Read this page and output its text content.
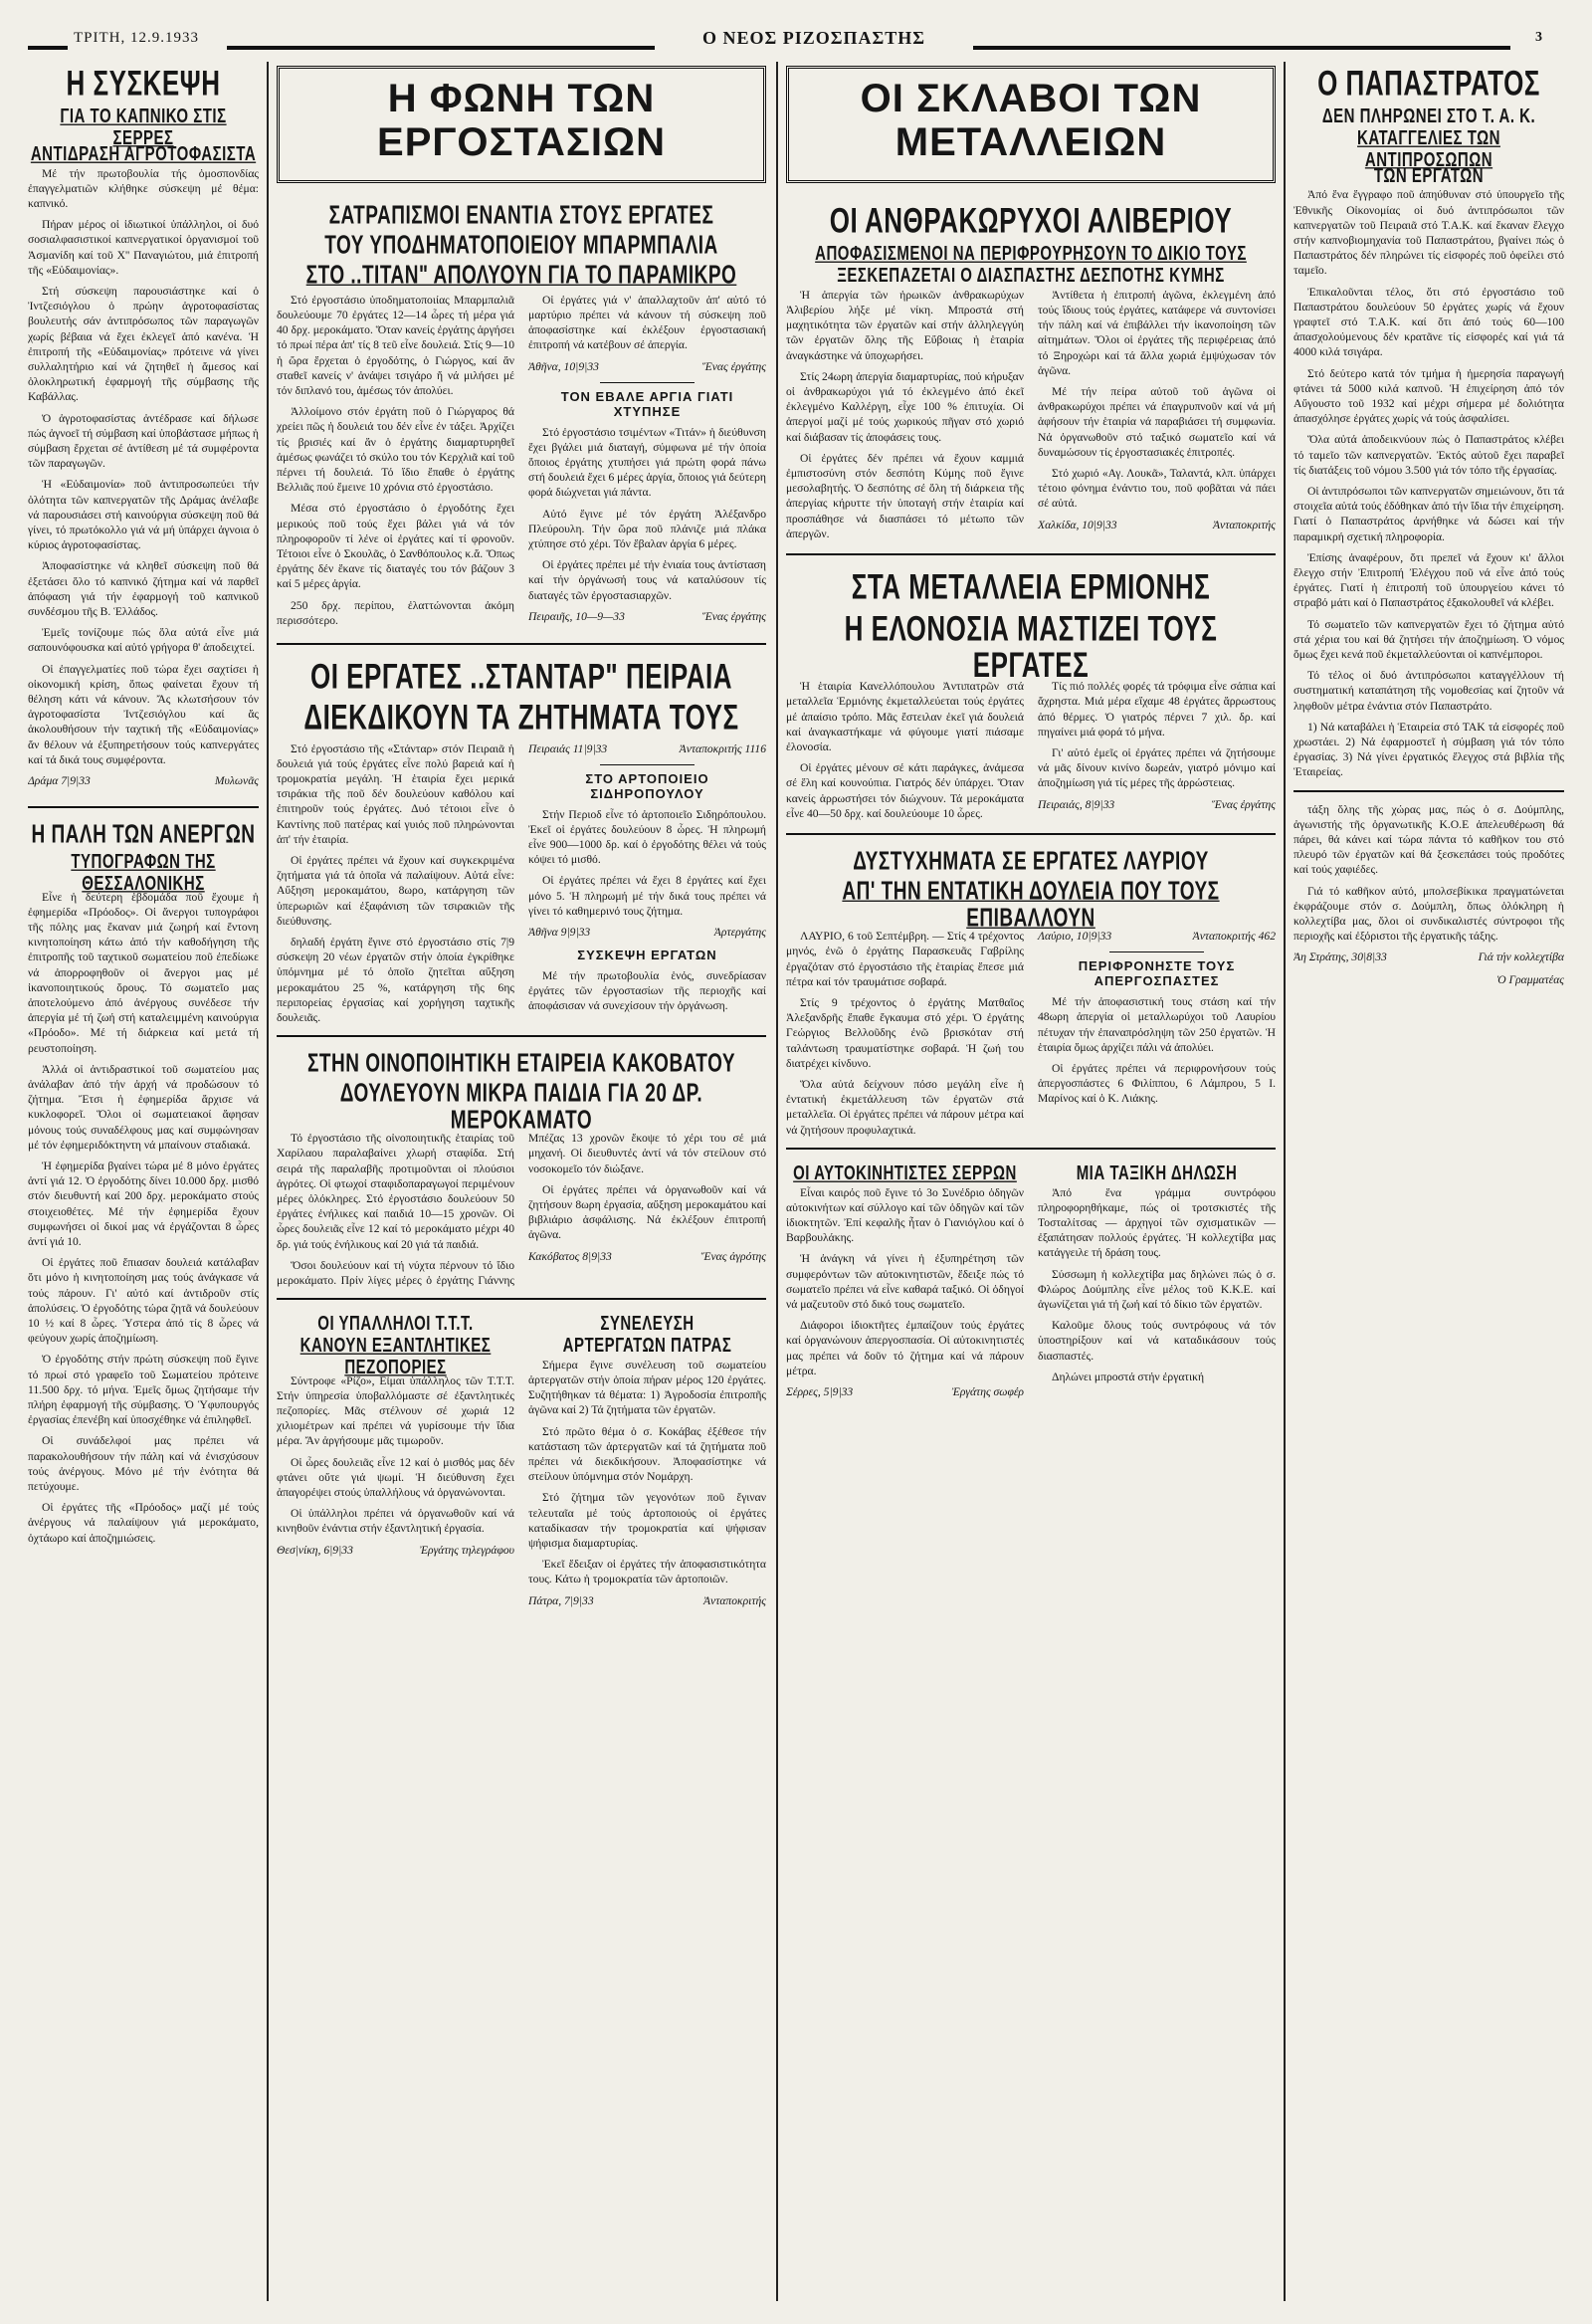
ΤΡΙΤΗ, 12.9.1933	Ο ΝΕΟΣ ΡΙΖΟΣΠΑΣΤΗΣ	3
Η ΣΥΣΚΕΨΗ
ΓΙΑ ΤΟ ΚΑΠΝΙΚΟ ΣΤΙΣ ΣΕΡΡΕΣ
ΑΝΤΙΔΡΑΣΗ ΑΓΡΟΤΟΦΑΣΙΣΤΑ

Μέ τήν πρωτοβουλία τής ὁμοσπονδίας ἐπαγγελματιῶν κλήθηκε σύσκεψη μέ θέμα: καπνικό.

Πήραν μέρος οἱ ἰδιωτικοί ὑπάλληλοι, οἱ δυό σοσιαλφασιστικοί καπνεργατικοί ὀργανισμοί τοῦ Ἀσμανίδη καί τοῦ Χ'' Παναγιώτου, μιά ἐπιτροπή τῆς «Εὐδαιμονίας».

Στή σύσκεψη παρουσιάστηκε καί ὁ Ἰντζεσιόγλου ὁ πρώην ἀγροτοφασίστας βουλευτής σάν ἀντιπρόσωπος τῶν παραγωγῶν χωρίς βέβαια νά ἔχει ἐκλεγεῖ ἀπό κανένα. Ἡ ἐπιτροπή τῆς «Εὐδαιμονίας» πρότεινε νά γίνει συλλαλητήριο καί νά ζητηθεῖ ἡ ἄμεσος καί ὁλοκληρωτική ἐφαρμογή τῆς σύμβασης τῆς Καβάλλας.

Ὁ ἀγροτοφασίστας ἀντέδρασε καί δήλωσε πώς ἀγνοεῖ τή σύμβαση καί ὑποβάστασε μήπως ἡ σύμβαση ἔρχεται σέ ἀντίθεση μέ τά συμφέροντα τῶν παραγωγῶν.

Ἡ «Εὐδαιμονία» ποῦ ἀντιπροσωπεύει τήν ὁλότητα τῶν καπνεργατῶν τῆς Δράμας ἀνέλαβε νά παρουσιάσει στή καινούργια σύσκεψη ποῦ θά γίνει, τό πρωτόκολλο γιά νά μή ὑπάρχει ἀγνοια ὁ κύριος ἀγροτοφασίστας.

Ἀποφασίστηκε νά κληθεῖ σύσκεψη ποῦ θά ἐξετάσει ὅλο τό καπνικό ζήτημα καί νά παρθεῖ ἀπόφαση γιά τήν ἐφαρμογή τοῦ καπνικοῦ συνδέσμου τῆς Β. Ἑλλάδος.

Ἐμεῖς τονίζουμε πώς ὅλα αὐτά εἶνε μιά σαπουνόφουσκα καί αὐτό γρήγορα θ' ἀποδειχτεί.

Οἱ ἐπαγγελματίες ποῦ τώρα ἔχει σαχτίσει ἡ οἰκονομική κρίση, ὅπως φαίνεται ἔχουν τή θέληση κάτι νά κάνουν. Ἄς κλωτσήσουν τόν ἀγροτοφασίστα Ἰντζεσιόγλου καί ἄς ἀκολουθήσουν τήν ταχτική τῆς «Εὐδαιμονίας» ἄν θέλουν νά ἐξυπηρετήσουν τούς καπνεργάτες καί τά δικά τους συμφέροντα.

Δράμα 7|9|33	Μυλωνᾶς
Η ΠΑΛΗ ΤΩΝ ΑΝΕΡΓΩΝ
ΤΥΠΟΓΡΑΦΩΝ ΤΗΣ ΘΕΣΣΑΛΟΝΙΚΗΣ

Εἶνε ἡ δεύτερη ἑβδομάδα ποῦ ἔχουμε ἡ ἐφημερίδα «Πρόοδος». Οἱ ἄνεργοι τυπογράφοι τῆς πόλης μας ἔκαναν μιά ζωηρή καί ἔντονη κινητοποίηση κάτω ἀπό τήν καθοδήγηση τῆς ἐπιτροπῆς τοῦ ταχτικοῦ σωματείου ποῦ ἐπεδίωκε νά ἀπορροφηθοῦν οἱ ἄνεργοι μας μέ ἱκανοποιητικούς ὅρους. Τό σωματεῖο μας ἀποτελούμενο ἀπό ἀνέργους συνέδεσε τήν ἀπεργία μέ τή ζωή στή καταλειμμένη καινούργια «Πρόοδο». Μέ τή διάρκεια καί μετά τή ρευστοποίηση.

Ἀλλά οἱ ἀντιδραστικοί τοῦ σωματείου μας ἀνάλαβαν ἀπό τήν ἀρχή νά προδώσουν τό ζήτημα. Ἔτσι ἡ ἐφημερίδα ἄρχισε νά κυκλοφορεῖ. Ὅλοι οἱ σωματειακοί ἄφησαν μόνους τούς συναδέλφους μας καί συμφώνησαν μέ τόν ἐφημεριδόκτηντη νά μπαίνουν σταδιακά.

Ἡ ἐφημερίδα βγαίνει τώρα μέ 8 μόνο ἐργάτες ἀντί γιά 12. Ὁ ἐργοδότης δίνει 10.000 δρχ. μισθό στόν διευθυντή καί 200 δρχ. μεροκάματο στούς στοιχειοθέτες. Μέ τήν ἐφημερίδα ἔχουν συμφωνήσει οἱ δικοί μας νά ἐργάζονται 8 ὧρες ἀντί γιά 10.

Οἱ ἐργάτες ποῦ ἔπιασαν δουλειά κατάλαβαν ὅτι μόνο ἡ κινητοποίηση μας τούς ἀνάγκασε νά τούς πάρουν. Γι' αὐτό καί ἀντιδροῦν στίς ἀπολύσεις. Ὁ ἐργοδότης τώρα ζητᾶ νά δουλεύουν 10 ½ καί 8 ὧρες. Ὑστερα ἀπό τίς 8 ὧρες νά φεύγουν χωρίς ἀποζημίωση.

Ὁ ἐργοδότης στήν πρώτη σύσκεψη ποῦ ἔγινε τό πρωί στό γραφεῖο τοῦ Σωματείου πρότεινε 11.500 δρχ. τό μήνα. Ἐμεῖς ὅμως ζητήσαμε τήν πλήρη ἐφαρμογή τῆς σύμβασης. Ὁ Ὑφυπουργός ἐργασίας ἐπενέβη καί ὑποσχέθηκε νά ἐπιληφθεῖ.

Οἱ συνάδελφοί μας πρέπει νά παρακολουθήσουν τήν πάλη καί νά ἐνισχύσουν τούς ἀνέργους. Μόνο μέ τήν ἑνότητα θά πετύχουμε.

Οἱ ἐργάτες τῆς «Πρόοδος» μαζί μέ τούς ἀνέργους νά παλαίψουν γιά μεροκάματο, ὀχτάωρο καί ἀποζημιώσεις.

Η ΦΩΝΗ ΤΩΝ ΕΡΓΟΣΤΑΣΙΩΝ
ΣΑΤΡΑΠΙΣΜΟΙ ΕΝΑΝΤΙΑ ΣΤΟΥΣ ΕΡΓΑΤΕΣ
ΤΟΥ ΥΠΟΔΗΜΑΤΟΠΟΙΕΙΟΥ ΜΠΑΡΜΠΑΛΙΑ
ΣΤΟ ..ΤΙΤΑΝ" ΑΠΟΛΥΟΥΝ ΓΙΑ ΤΟ ΠΑΡΑΜΙΚΡΟ

Στό ἐργοστάσιο ὑποδηματοποιίας Μπαρμπαλιᾶ δουλεύουμε 70 ἐργάτες 12—14 ὧρες τή μέρα γιά 40 δρχ. μεροκάματο. Ὅταν κανείς ἐργάτης ἀργήσει τό πρωί πέρα ἀπ' τίς 8 τεῦ εἶνε δουλειά. Στίς 9—10 ἡ ὥρα ἔρχεται ὁ ἐργοδότης, ὁ Γιώργος, καί ἄν σταθεῖ κανείς ν' ἀνάψει τσιγάρο ἤ νά μιλήσει μέ τόν διπλανό του, ἀμέσως τόν ἀπολύει.

Ἀλλοίμονο στόν ἐργάτη ποῦ ὁ Γιώργαρος θά χρείει πῶς ἡ δουλειά του δέν εἶνε ἐν τάξει. Ἀρχίζει τίς βρισιές καί ἄν ὁ ἐργάτης διαμαρτυρηθεῖ ἀμέσως φωνάζει τό σκύλο του τόν Κερχλιᾶ καί τοῦ πέρνει τή δουλειά. Τό ἴδιο ἔπαθε ὁ ἐργάτης Βελλιᾶς πού ἔμεινε 10 χρόνια στό ἐργοστάσιο.

Μέσα στό ἐργοστάσιο ὁ ἐργοδότης ἔχει μερικούς ποῦ τούς ἔχει βάλει γιά νά τόν πληροφοροῦν τί λένε οἱ ἐργάτες καί τί φρονοῦν. Τέτοιοι εἶνε ὁ Σκουλᾶς, ὁ Σανθόπουλος κ.ἄ. Ὅπως ἐργάτης δέν ἔκανε τίς διαταγές του τόν βάζουν 3 καί 5 μέρες ἀργία.

250 δρχ. περίπου, ἐλαττώνονται ἀκόμη περισσότερο.

Οἱ ἐργάτες γιά ν' ἀπαλλαχτοῦν ἀπ' αὐτό τό μαρτύριο πρέπει νά κάνουν τή σύσκεψη ποῦ ἀποφασίστηκε καί ἐκλέξουν ἐργοστασιακή ἐπιτροπή νά κατέβουν σέ ἀπεργία.

Ἀθῆνα, 10|9|33	Ἕνας ἐργάτης
ΤΟΝ ΕΒΑΛΕ ΑΡΓΙΑ ΓΙΑΤΙ ΧΤΥΠΗΣΕ

Στό ἐργοστάσιο τσιμέντων «Τιτάν» ἡ διεύθυνση ἔχει βγάλει μιά διαταγή, σύμφωνα μέ τήν ὁποία ὅποιος ἐργάτης χτυπήσει γιά πρώτη φορά πάνω στή δουλειά ἔχει 6 μέρες ἀργία, ὅποιος γιά δεύτερη φορά διώχνεται γιά πάντα.

Αὐτό ἔγινε μέ τόν ἐργάτη Ἀλέξανδρο Πλεύρουλη. Τήν ὥρα ποῦ πλάνιζε μιά πλάκα χτύπησε στό χέρι. Τόν ἔβαλαν ἀργία 6 μέρες.

Οἱ ἐργάτες πρέπει μέ τήν ἑνιαία τους ἀντίσταση καί τήν ὀργάνωσή τους νά καταλύσουν τίς διαταγές τῶν ἐργοστασιαρχῶν.

Πειραιῆς, 10—9—33	Ἕνας ἐργάτης
ΟΙ ΕΡΓΑΤΕΣ ..ΣΤΑΝΤΑΡ" ΠΕΙΡΑΙΑ
ΔΙΕΚΔΙΚΟΥΝ ΤΑ ΖΗΤΗΜΑΤΑ ΤΟΥΣ

Στό ἐργοστάσιο τῆς «Στάνταρ» στόν Πειραιᾶ ἡ δουλειά γιά τούς ἐργάτες εἶνε πολύ βαρειά καί ἡ τρομοκρατία μεγάλη. Ἡ ἑταιρία ἔχει μερικά τσιράκια τῆς ποῦ δέν δουλεύουν καθόλου καί ἐπιτηροῦν τούς ἐργάτες. Δυό τέτοιοι εἶνε ὁ Καντίνης ποῦ πατέρας καί γυιός ποῦ πληρώνονται ἀπ' τήν ἑταιρία.

Οἱ ἐργάτες πρέπει νά ἔχουν καί συγκεκριμένα ζητήματα γιά τά ὁποῖα νά παλαίψουν. Αὐτά εἶνε: Αὔξηση μεροκαμάτου, 8ωρο, κατάργηση τῶν ὑπερωριῶν καί ἐξαφάνιση τῶν τσιρακιῶν τῆς διεύθυνσης.

δηλαδή ἐργάτη ἔγινε στό ἐργοστάσιο στίς 7|9 σύσκεψη 20 νέων ἐργατῶν στήν ὁποία ἐγκρίθηκε ὑπόμνημα μέ τό ὁποῖο ζητεῖται αὔξηση μεροκαμάτου 25 %, κατάργηση τῆς 6ης περιπορείας ἐργασίας καί χορήγηση ταχτικῆς δουλειᾶς.

Πειραιάς 11|9|33	Ἀνταποκριτής 1116
ΣΤΟ ΑΡΤΟΠΟΙΕΙΟ ΣΙΔΗΡΟΠΟΥΛΟΥ

Στήν Περιοδ εἶνε τό ἀρτοποιεῖο Σιδηρόπουλου. Ἐκεῖ οἱ ἐργάτες δουλεύουν 8 ὧρες. Ἡ πληρωμή εἶνε 900—1000 δρ. καί ὁ ἐργοδότης θέλει νά τούς κόψει τό μισθό.

Οἱ ἐργάτες πρέπει νά ἔχει 8 ἐργάτες καί ἔχει μόνο 5. Ἡ πληρωμή μέ τήν δικά τους πρέπει νά γίνει τό καθημερινό τους ζήτημα.

Ἀθῆνα 9|9|33	Ἀρτεργάτης
ΣΥΣΚΕΨΗ ΕΡΓΑΤΩΝ

Μέ τήν πρωτοβουλία ἑνός, συνεδρίασαν ἐργάτες τῶν ἐργοστασίων τῆς περιοχῆς καί ἀποφάσισαν νά συνεχίσουν τήν ὀργάνωση.

ΣΤΗΝ ΟΙΝΟΠΟΙΗΤΙΚΗ ΕΤΑΙΡΕΙΑ ΚΑΚΟΒΑΤΟΥ
ΔΟΥΛΕΥΟΥΝ ΜΙΚΡΑ ΠΑΙΔΙΑ ΓΙΑ 20 ΔΡ. ΜΕΡΟΚΑΜΑΤΟ

Τό ἐργοστάσιο τῆς οἰνοποιητικῆς ἑταιρίας τοῦ Χαρίλαου παραλαβαίνει χλωρή σταφίδα. Στή σειρά τῆς παραλαβῆς προτιμοῦνται οἱ πλούσιοι ἀγρότες. Οἱ φτωχοί σταφιδοπαραγωγοί περιμένουν μέρες ὁλόκληρες. Στό ἐργοστάσιο δουλεύουν 50 ἐργάτες ἐνήλικες καί παιδιά 10—15 χρονῶν. Οἱ ὧρες δουλειᾶς εἶνε 12 καί τό μεροκάματο μέχρι 40 δρ. γιά τούς ἐνήλικους καί 20 γιά τά παιδιά.

Ὅσοι δουλεύουν καί τή νύχτα πέρνουν τό ἴδιο μεροκάματο. Πρίν λίγες μέρες ὁ ἐργάτης Γιάννης Μπέζας 13 χρονῶν ἔκοψε τό χέρι του σέ μιά μηχανή. Οἱ διευθυντές ἀντί νά τόν στείλουν στό νοσοκομεῖο τόν διώξανε.

Οἱ ἐργάτες πρέπει νά ὀργανωθοῦν καί νά ζητήσουν 8ωρη ἐργασία, αὔξηση μεροκαμάτου καί βιβλιάριο ἀσφάλισης. Νά ἐκλέξουν ἐπιτροπή ἀγῶνα.

Κακόβατος 8|9|33	Ἕνας ἀγρότης
ΟΙ ΥΠΑΛΛΗΛΟΙ Τ.Τ.Τ.
ΚΑΝΟΥΝ ΕΞΑΝΤΛΗΤΙΚΕΣ ΠΕΖΟΠΟΡΙΕΣ

Σύντροφε «Ρίζο», Εἶμαι ὑπάλληλος τῶν Τ.Τ.Τ. Στήν ὑπηρεσία ὑποβαλλόμαστε σέ ἐξαντλητικές πεζοπορίες. Μᾶς στέλνουν σέ χωριά 12 χιλιομέτρων καί πρέπει νά γυρίσουμε τήν ἴδια μέρα. Ἄν ἀργήσουμε μᾶς τιμωροῦν.

Οἱ ὧρες δουλειᾶς εἶνε 12 καί ὁ μισθός μας δέν φτάνει οὔτε γιά ψωμί. Ἡ διεύθυνση ἔχει ἀπαγορέψει στούς ὑπαλλήλους νά ὀργανώνονται.

Οἱ ὑπάλληλοι πρέπει νά ὀργανωθοῦν καί νά κινηθοῦν ἐνάντια στήν ἐξαντλητική ἐργασία.

Θεσ|νίκη, 6|9|33	Ἐργάτης τηλεγράφου
ΣΥΝΕΛΕΥΣΗ
ΑΡΤΕΡΓΑΤΩΝ ΠΑΤΡΑΣ

Σήμερα ἔγινε συνέλευση τοῦ σωματείου ἀρτεργατῶν στήν ὁποία πήραν μέρος 120 ἐργάτες. Συζητήθηκαν τά θέματα: 1) Ἀγροδοσία ἐπιτροπῆς ἀγῶνα καί 2) Τά ζητήματα τῶν ἐργατῶν.

Στό πρῶτο θέμα ὁ σ. Κοκάβας ἐξέθεσε τήν κατάσταση τῶν ἀρτεργατῶν καί τά ζητήματα ποῦ πρέπει νά διεκδικήσουν. Ἀποφασίστηκε νά στείλουν ὑπόμνημα στόν Νομάρχη.

Στό ζήτημα τῶν γεγονότων ποῦ ἔγιναν τελευταῖα μέ τούς ἀρτοποιούς οἱ ἐργάτες καταδίκασαν τήν τρομοκρατία καί ψήφισαν ψήφισμα διαμαρτυρίας.

Ἐκεῖ ἔδειξαν οἱ ἐργάτες τήν ἀποφασιστικότητα τους. Κάτω ἡ τρομοκρατία τῶν ἀρτοποιῶν.

Πάτρα, 7|9|33	Ἀνταποκριτής
ΟΙ ΣΚΛΑΒΟΙ ΤΩΝ ΜΕΤΑΛΛΕΙΩΝ
ΟΙ ΑΝΘΡΑΚΩΡΥΧΟΙ ΑΛΙΒΕΡΙΟΥ
ΑΠΟΦΑΣΙΣΜΕΝΟΙ ΝΑ ΠΕΡΙΦΡΟΥΡΗΣΟΥΝ ΤΟ ΔΙΚΙΟ ΤΟΥΣ
ΞΕΣΚΕΠΑΖΕΤΑΙ Ο ΔΙΑΣΠΑΣΤΗΣ ΔΕΣΠΟΤΗΣ ΚΥΜΗΣ

Ἡ ἀπεργία τῶν ἡρωικῶν ἀνθρακωρύχων Ἀλιβερίου λήξε μέ νίκη. Μπροστά στή μαχητικότητα τῶν ἐργατῶν καί στήν ἀλληλεγγύη τῶν ἐργατῶν ὅλης τῆς Εὔβοιας ἡ ἑταιρία ἀναγκάστηκε νά ὑποχωρήσει.

Στίς 24ωρη ἀπεργία διαμαρτυρίας, πού κήρυξαν οἱ ἀνθρακωρύχοι γιά τό ἐκλεγμένο ἀπό ἐκεῖ ἐκλεγμένο Καλλέργη, εἶχε 100 % ἐπιτυχία. Οἱ ἀπεργοί μαζί μέ τούς χωρικούς πῆγαν στό χωριό καί διάβασαν τίς ἀποφάσεις τους.

Οἱ ἐργάτες δέν πρέπει νά ἔχουν καμμιά ἐμπιστοσύνη στόν δεσπότη Κύμης ποῦ ἔγινε μεσολαβητής. Ὁ δεσπότης σέ ὅλη τή διάρκεια τῆς ἀπεργίας κήρυττε τήν ὑποταγή στήν ἑταιρία καί προσπάθησε νά διασπάσει τό μέτωπο τῶν ἀπεργῶν.

Ἀντίθετα ἡ ἐπιτροπή ἀγῶνα, ἐκλεγμένη ἀπό τούς ἴδιους τούς ἐργάτες, κατάφερε νά συντονίσει τήν πάλη καί νά ἐπιβάλλει τήν ἱκανοποίηση τῶν αἰτημάτων. Ὅλοι οἱ ἐργάτες τῆς περιφέρειας ἀπό τό Ξηροχώρι καί τά ἄλλα χωριά ἐμψύχωσαν τόν ἀγῶνα.

Μέ τήν πείρα αὐτοῦ τοῦ ἀγῶνα οἱ ἀνθρακωρύχοι πρέπει νά ἐπαγρυπνοῦν καί νά μή ἀφήσουν τήν ἑταιρία νά παραβιάσει τή συμφωνία. Νά ὀργανωθοῦν στό ταξικό σωματεῖο καί νά δυναμώσουν τίς ἐργοστασιακές ἐπιτροπές.

Στό χωριό «Αγ. Λουκᾶ», Ταλαντά, κλπ. ὑπάρχει τέτοιο φόνημα ἐνάντιο του, ποῦ φοβᾶται νά πάει σέ αὐτά.

Χαλκίδα, 10|9|33	Ἀνταποκριτής
ΣΤΑ ΜΕΤΑΛΛΕΙΑ ΕΡΜΙΟΝΗΣ
Η ΕΛΟΝΟΣΙΑ ΜΑΣΤΙΖΕΙ ΤΟΥΣ ΕΡΓΑΤΕΣ

Ἡ ἑταιρία Κανελλόπουλου Ἀντιπατρῶν στά μεταλλεῖα Ἑρμιόνης ἐκμεταλλεύεται τούς ἐργάτες μέ ἀπαίσιο τρόπο. Μᾶς ἔστειλαν ἐκεῖ γιά δουλειά καί ἀναγκαστήκαμε νά φύγουμε γιατί πιάσαμε ἐλονοσία.

Οἱ ἐργάτες μένουν σέ κάτι παράγκες, ἀνάμεσα σέ ἕλη καί κουνούπια. Γιατρός δέν ὑπάρχει. Ὅταν κανείς ἀρρωστήσει τόν διώχνουν. Τά μεροκάματα εἶνε 40—50 δρχ. καί δουλεύουμε 10 ὧρες.

Τίς πιό πολλές φορές τά τρόφιμα εἶνε σάπια καί ἄχρηστα. Μιά μέρα εἴχαμε 48 ἐργάτες ἄρρωστους ἀπό θέρμες. Ὁ γιατρός πέρνει 7 χιλ. δρ. καί πηγαίνει μιά φορά τό μήνα.

Γι' αὐτό ἐμεῖς οἱ ἐργάτες πρέπει νά ζητήσουμε νά μᾶς δίνουν κινίνο δωρεάν, γιατρό μόνιμο καί ἀποζημίωση γιά τίς μέρες τῆς ἀρρώστειας.

Πειραιάς, 8|9|33	Ἕνας ἐργάτης
ΔΥΣΤΥΧΗΜΑΤΑ ΣΕ ΕΡΓΑΤΕΣ ΛΑΥΡΙΟΥ
ΑΠ' ΤΗΝ ΕΝΤΑΤΙΚΗ ΔΟΥΛΕΙΑ ΠΟΥ ΤΟΥΣ ΕΠΙΒΑΛΛΟΥΝ

ΛΑΥΡΙΟ, 6 τοῦ Σεπτέμβρη. — Στίς 4 τρέχοντος μηνός, ἐνῶ ὁ ἐργάτης Παρασκευᾶς Γαβρίλης ἐργαζόταν στό ἐργοστάσιο τῆς ἑταιρίας ἔπεσε μιά πέτρα καί τόν τραυμάτισε σοβαρά.

Στίς 9 τρέχοντος ὁ ἐργάτης Ματθαῖος Ἀλεξανδρῆς ἔπαθε ἔγκαυμα στό χέρι. Ὁ ἐργάτης Γεώργιος Βελλοῦδης ἐνῶ βρισκόταν στή ταλάντωση τραυματίστηκε σοβαρά. Ἡ ζωή του διατρέχει κίνδυνο.

Ὅλα αὐτά δείχνουν πόσο μεγάλη εἶνε ἡ ἐντατική ἐκμετάλλευση τῶν ἐργατῶν στά μεταλλεῖα. Οἱ ἐργάτες πρέπει νά πάρουν μέτρα καί νά ζητήσουν προφυλαχτικά.

Λαύριο, 10|9|33	Ἀνταποκριτής 462
ΠΕΡΙΦΡΟΝΗΣΤΕ ΤΟΥΣ ΑΠΕΡΓΟΣΠΑΣΤΕΣ

Μέ τήν ἀποφασιστική τους στάση καί τήν 48ωρη ἀπεργία οἱ μεταλλωρύχοι τοῦ Λαυρίου πέτυχαν τήν ἐπαναπρόσληψη τῶν 250 ἐργατῶν. Ἡ ἑταιρία ὅμως ἀρχίζει πάλι νά ἀπολύει.

Οἱ ἐργάτες πρέπει νά περιφρονήσουν τούς ἀπεργοσπάστες 6 Φιλίππου, 6 Λάμπρου, 5 Ι. Μαρίνος καί ὁ Κ. Λιάκης.

ΟΙ ΑΥΤΟΚΙΝΗΤΙΣΤΕΣ ΣΕΡΡΩΝ

Εἶναι καιρός ποῦ ἔγινε τό 3ο Συνέδριο ὀδηγῶν αὐτοκινήτων καί σύλλογο καί τῶν ὀδηγῶν καί τῶν ἰδιοκτητῶν. Ἐπί κεφαλῆς ἦταν ὁ Γιανιόγλου καί ὁ Βαρβουλάκης.

Ἡ ἀνάγκη νά γίνει ἡ ἐξυπηρέτηση τῶν συμφερόντων τῶν αὐτοκινητιστῶν, ἔδειξε πώς τό σωματεῖο πρέπει νά εἶνε καθαρά ταξικό. Οἱ ὀδηγοί νά μαζευτοῦν στό δικό τους σωματεῖο.

Διάφοροι ἰδιοκτῆτες ἐμπαίζουν τούς ἐργάτες καί ὀργανώνουν ἀπεργοσπασία. Οἱ αὐτοκινητιστές μας πρέπει νά δοῦν τό ζήτημα καί νά πάρουν μέτρα.

Σέρρες, 5|9|33	Ἐργάτης σωφέρ
ΜΙΑ ΤΑΞΙΚΗ ΔΗΛΩΣΗ

Ἀπό ἕνα γράμμα συντρόφου πληροφορηθήκαμε, πώς οἱ τροτσκιστές τῆς Τοσταλίτσας — ἀρχηγοί τῶν σχισματικῶν — ἐξαπάτησαν πολλούς ἐργάτες. Ἡ κολλεχτίβα μας κατάγγειλε τή δράση τους.

Σύσσωμη ἡ κολλεχτίβα μας δηλώνει πώς ὁ σ. Φλώρος Δούμπλης εἶνε μέλος τοῦ Κ.Κ.Ε. καί ἀγωνίζεται γιά τή ζωή καί τό δίκιο τῶν ἐργατῶν.

Καλοῦμε ὅλους τούς συντρόφους νά τόν ὑποστηρίξουν καί νά καταδικάσουν τούς διασπαστές.

Δηλώνει μπροστά στήν ἐργατική

Ο ΠΑΠΑΣΤΡΑΤΟΣ
ΔΕΝ ΠΛΗΡΩΝΕΙ ΣΤΟ Τ. Α. Κ.
ΚΑΤΑΓΓΕΛΙΕΣ ΤΩΝ ΑΝΤΙΠΡΟΣΩΠΩΝ
ΤΩΝ ΕΡΓΑΤΩΝ

Ἀπό ἕνα ἔγγραφο ποῦ ἀπηύθυναν στό ὑπουργεῖο τῆς Ἐθνικῆς Οἰκονομίας οἱ δυό ἀντιπρόσωποι τῶν καπνεργατῶν τοῦ Πειραιᾶ στό Τ.Α.Κ. καί ἔκαναν ἔλεγχο στήν καπνοβιομηχανία τοῦ Παπαστράτου, βγαίνει πώς ὁ Παπαστράτος δέν πληρώνει τίς εἰσφορές ποῦ ὀφείλει στό ταμεῖο.

Ἐπικαλοῦνται τέλος, ὅτι στό ἐργοστάσιο τοῦ Παπαστράτου δουλεύουν 50 ἐργάτες χωρίς νά ἔχουν γραφτεῖ στό Τ.Α.Κ. καί ὅτι ἀπό τούς 60—100 ἀπασχολούμενους δέν κρατᾶνε τίς εἰσφορές καί γιά τά 4000 κιλά τσιγάρα.

Στό δεύτερο κατά τόν τμήμα ἡ ἠμερησία παραγωγή φτάνει τά 5000 κιλά καπνοῦ. Ἡ ἐπιχείρηση ἀπό τόν Αὔγουστο τοῦ 1932 καί μέχρι σήμερα μέ δολιότητα ἀπασχόλησε ἐργάτες χωρίς νά τούς ἀσφαλίσει.

Ὅλα αὐτά ἀποδεικνύουν πώς ὁ Παπαστράτος κλέβει τό ταμεῖο τῶν καπνεργατῶν. Ἐκτός αὐτοῦ ἔχει παραβεῖ τίς διατάξεις τοῦ νόμου 3.500 γιά τόν τόπο τῆς ἐργασίας.

Οἱ ἀντιπρόσωποι τῶν καπνεργατῶν σημειώνουν, ὅτι τά στοιχεῖα αὐτά τούς ἐδόθηκαν ἀπό τήν ἴδια τήν ἐπιχείρηση. Γιατί ὁ Παπαστράτος ἀρνήθηκε νά δώσει καί τήν παραμικρή σχετική πληροφορία.

Ἐπίσης ἀναφέρουν, ὅτι πρεπεῖ νά ἔχουν κι' ἄλλοι ἔλεγχο στήν Ἐπιτροπή Ἐλέγχου ποῦ νά εἶνε ἀπό τούς ἐργάτες. Γιατί ἡ ἐπιτροπή τοῦ ὑπουργείου κάνει τό στραβό μάτι καί ὁ Παπαστράτος ἐξακολουθεῖ νά κλέβει.

Τό σωματεῖο τῶν καπνεργατῶν ἔχει τό ζήτημα αὐτό στά χέρια του καί θά ζητήσει τήν ἀποζημίωση. Ὁ νόμος ὅμως ἔχει κενά ποῦ ἐκμεταλλεύονται οἱ καπνέμποροι.

Τό τέλος οἱ δυό ἀντιπρόσωποι καταγγέλλουν τή συστηματική καταπάτηση τῆς νομοθεσίας καί ζητοῦν νά ληφθοῦν μέτρα ἐνάντια στόν Παπαστράτο.

1) Νά καταβάλει ἡ Ἑταιρεία στό ΤΑΚ τά εἰσφορές ποῦ χρωστάει. 2) Νά ἐφαρμοστεῖ ἡ σύμβαση γιά τόν τόπο ἐργασίας. 3) Νά γίνει ἐργατικός ἔλεγχος στά βιβλία τῆς Ἑταιρείας.

τάξη ὅλης τῆς χώρας μας, πώς ὁ σ. Δούμπλης, ἀγωνιστής τῆς ὀργανωτικῆς Κ.Ο.Ε ἀπελευθέρωση θά πάρει, θά κάνει καί τώρα πάντα τό καθῆκον του στό πλευρό τῶν ἐργατῶν καί θά ξεσκεπάσει τούς προδότες καί τούς χαφιέδες.

Γιά τό καθῆκον αὐτό, μπολσεβίκικα πραγματώνεται ἐκφράζουμε στόν σ. Δούμπλη, ὅπως ὁλόκληρη ἡ κολλεχτίβα μας, ὅλοι οἱ συνδικαλιστές σύντροφοι τῆς περιοχῆς καί ἐξόριστοι τῆς ἐργατικῆς τάξης.

Ἀη Στράτης, 30|8|33	Γιά τήν κολλεχτίβα
Ὁ Γραμματέας
